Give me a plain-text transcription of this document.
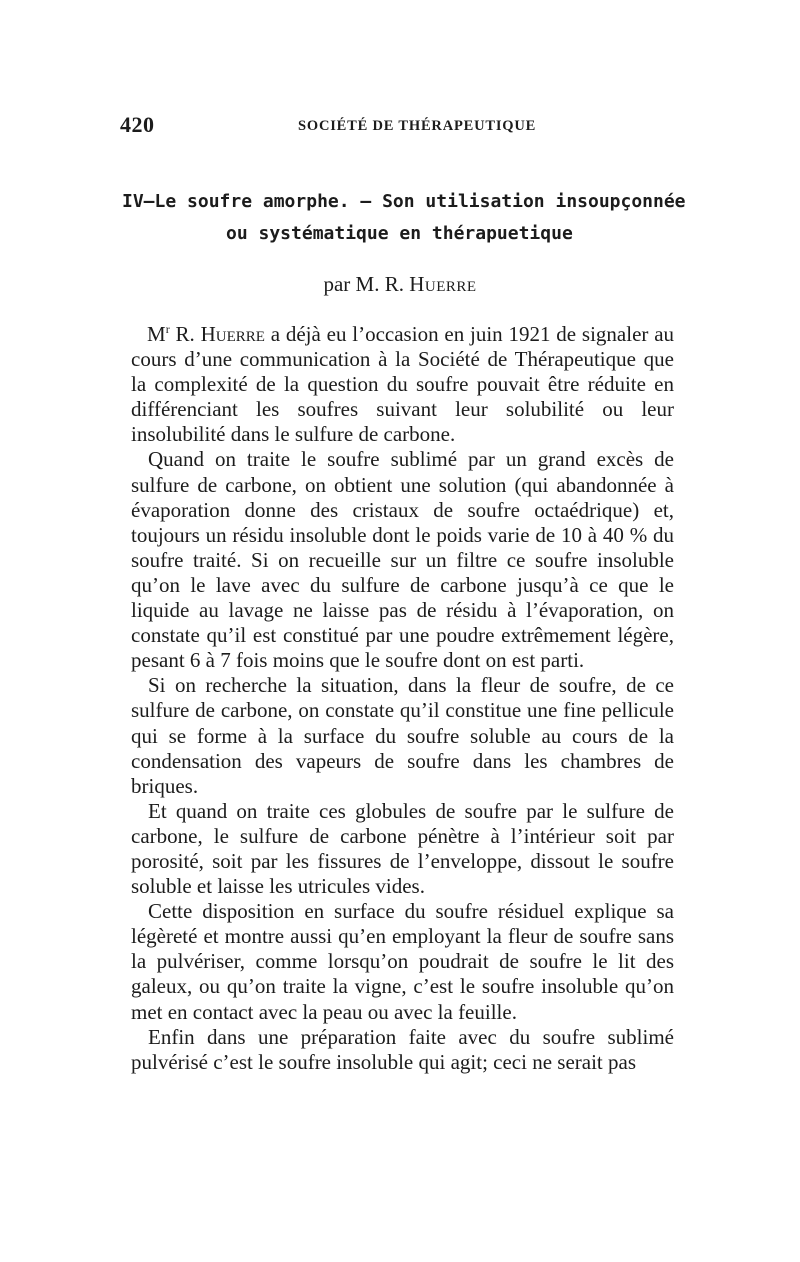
420	SOCIÉTÉ DE THÉRAPEUTIQUE
IV—Le soufre amorphe. — Son utilisation insoupçonnée
ou systématique en thérapuetique
par M. R. Huerre

$M^r$ R. Huerre a déjà eu l’occasion en juin 1921 de signaler au cours d’une communication à la Société de Thérapeutique que la complexité de la question du soufre pouvait être réduite en différenciant les soufres suivant leur solubilité ou leur insolubilité dans le sulfure de carbone.

Quand on traite le soufre sublimé par un grand excès de sulfure de carbone, on obtient une solution (qui abandonnée à évaporation donne des cristaux de soufre octaédrique) et, toujours un résidu insoluble dont le poids varie de 10 à 40 % du soufre traité. Si on recueille sur un filtre ce soufre insoluble qu’on le lave avec du sulfure de carbone jusqu’à ce que le liquide au lavage ne laisse pas de résidu à l’évaporation, on constate qu’il est constitué par une poudre extrêmement légère, pesant 6 à 7 fois moins que le soufre dont on est parti.

Si on recherche la situation, dans la fleur de soufre, de ce sulfure de carbone, on constate qu’il constitue une fine pellicule qui se forme à la surface du soufre soluble au cours de la condensation des vapeurs de soufre dans les chambres de briques.

Et quand on traite ces globules de soufre par le sulfure de carbone, le sulfure de carbone pénètre à l’intérieur soit par porosité, soit par les fissures de l’enveloppe, dissout le soufre soluble et laisse les utricules vides.

Cette disposition en surface du soufre résiduel explique sa légèreté et montre aussi qu’en employant la fleur de soufre sans la pulvériser, comme lorsqu’on poudrait de soufre le lit des galeux, ou qu’on traite la vigne, c’est le soufre insoluble qu’on met en contact avec la peau ou avec la feuille.

Enfin dans une préparation faite avec du soufre sublimé pulvérisé c’est le soufre insoluble qui agit; ceci ne serait pas
